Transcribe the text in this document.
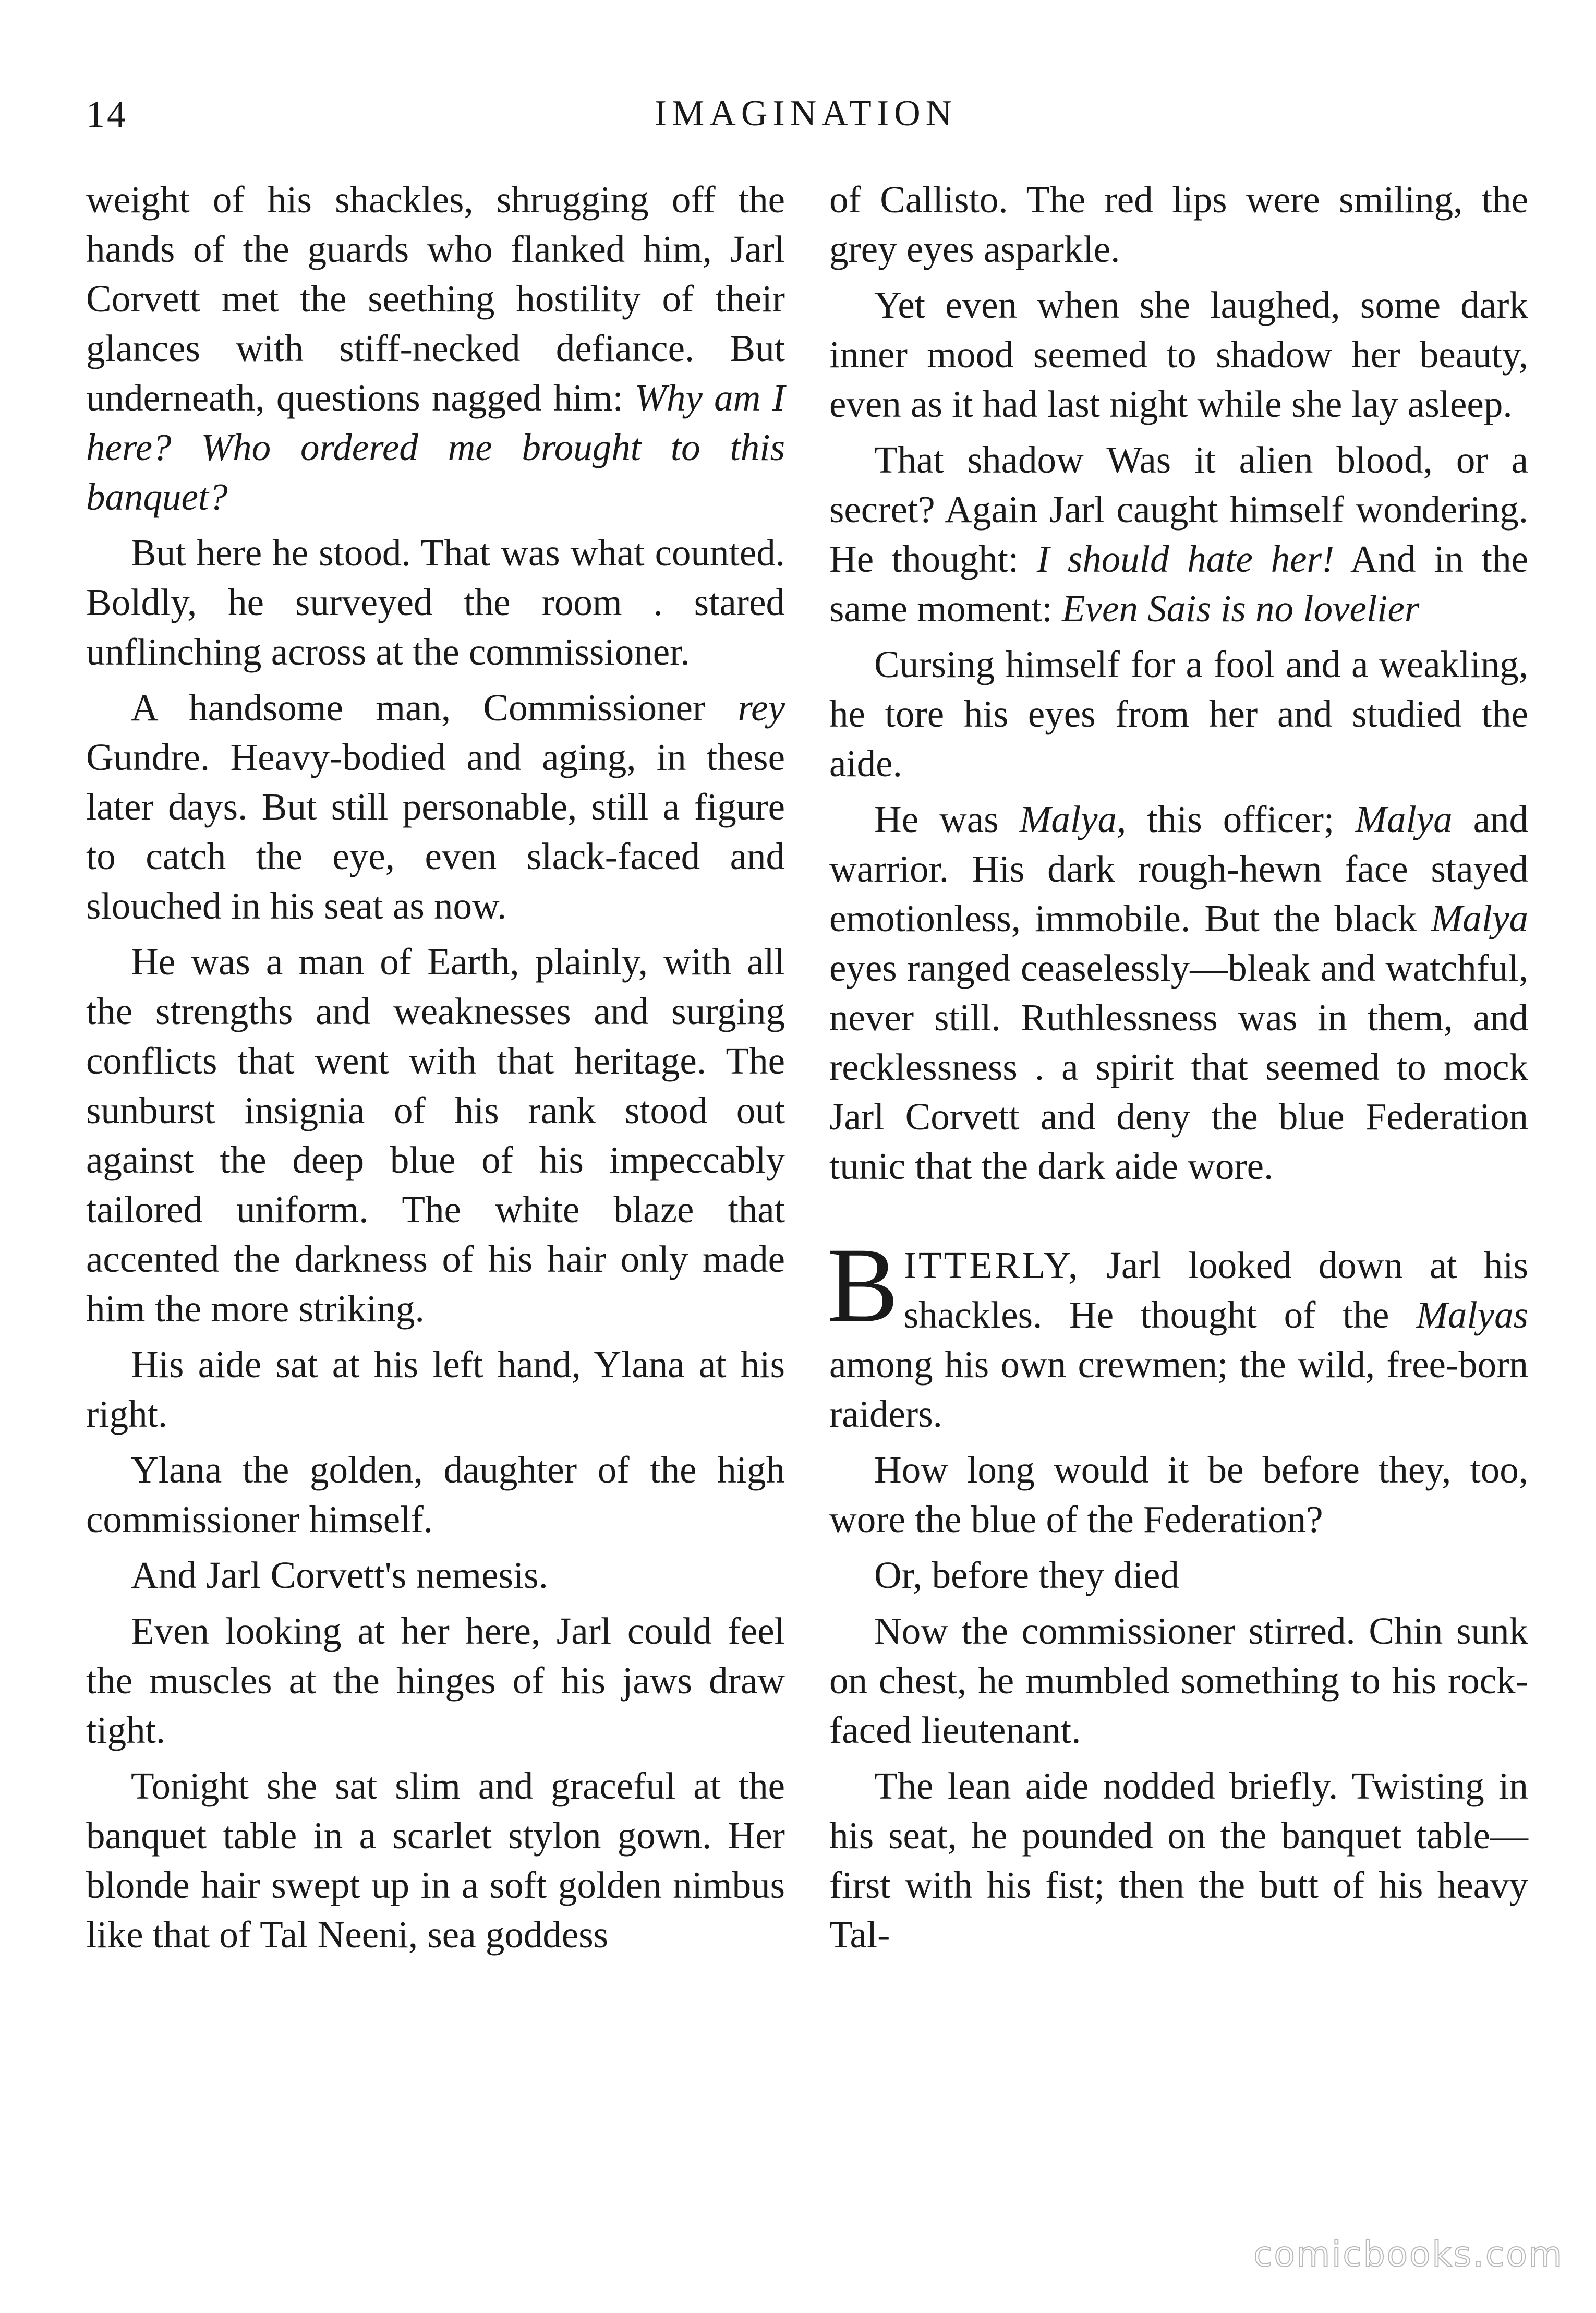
14	IMAGINATION

weight of his shackles, shrugging off the hands of the guards who flanked him, Jarl Corvett met the seething hostility of their glances with stiff-necked defiance. But underneath, questions nagged him: Why am I here? Who ordered me brought to this banquet?

But here he stood. That was what counted. Boldly, he surveyed the room . stared unflinching across at the commissioner.

A handsome man, Commissioner rey Gundre. Heavy-bodied and aging, in these later days. But still personable, still a figure to catch the eye, even slack-faced and slouched in his seat as now.

He was a man of Earth, plainly, with all the strengths and weaknesses and surging conflicts that went with that heritage. The sunburst insignia of his rank stood out against the deep blue of his impeccably tailored uniform. The white blaze that accented the darkness of his hair only made him the more striking.

His aide sat at his left hand, Ylana at his right.

Ylana the golden, daughter of the high commissioner himself.

And Jarl Corvett's nemesis.

Even looking at her here, Jarl could feel the muscles at the hinges of his jaws draw tight.

Tonight she sat slim and graceful at the banquet table in a scarlet stylon gown. Her blonde hair swept up in a soft golden nimbus like that of Tal Neeni, sea goddess

of Callisto. The red lips were smiling, the grey eyes asparkle.

Yet even when she laughed, some dark inner mood seemed to shadow her beauty, even as it had last night while she lay asleep.

That shadow Was it alien blood, or a secret? Again Jarl caught himself wondering. He thought: I should hate her! And in the same moment: Even Sais is no lovelier

Cursing himself for a fool and a weakling, he tore his eyes from her and studied the aide.

He was Malya, this officer; Malya and warrior. His dark rough-hewn face stayed emotionless, immobile. But the black Malya eyes ranged ceaselessly—bleak and watchful, never still. Ruthlessness was in them, and recklessness . a spirit that seemed to mock Jarl Corvett and deny the blue Federation tunic that the dark aide wore.

BITTERLY, Jarl looked down at his shackles. He thought of the Malyas among his own crewmen; the wild, free-born raiders.

How long would it be before they, too, wore the blue of the Federation?

Or, before they died

Now the commissioner stirred. Chin sunk on chest, he mumbled something to his rock-faced lieutenant.

The lean aide nodded briefly. Twisting in his seat, he pounded on the banquet table—first with his fist; then the butt of his heavy Tal-

comicbooks.com
